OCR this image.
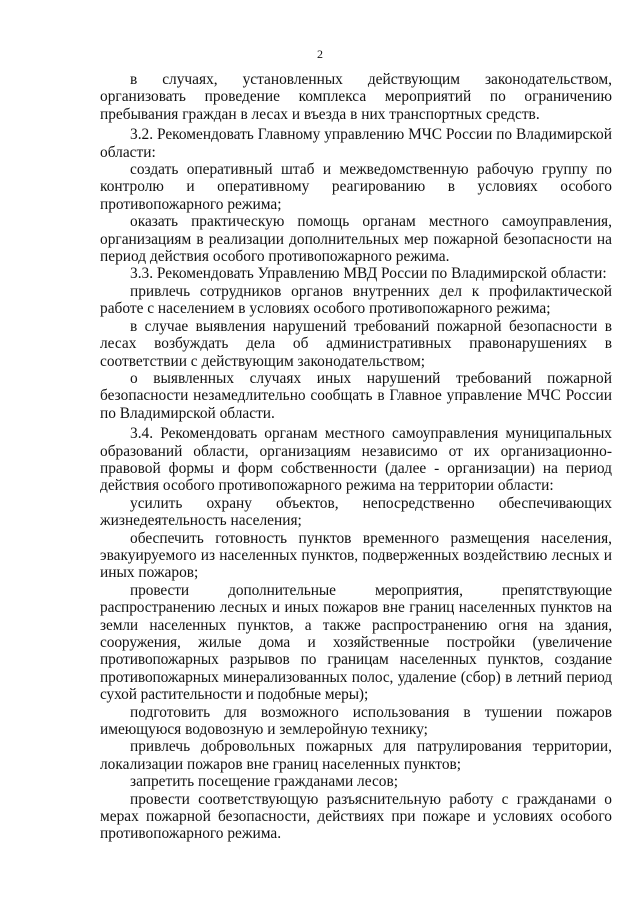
2

в случаях, установленных действующим законодательством, организовать проведение комплекса мероприятий по ограничению пребывания граждан в лесах и въезда в них транспортных средств.

3.2. Рекомендовать Главному управлению МЧС России по Владимирской области:

создать оперативный штаб и межведомственную рабочую группу по контролю и оперативному реагированию в условиях особого противопожарного режима;

оказать практическую помощь органам местного самоуправления, организациям в реализации дополнительных мер пожарной безопасности на период действия особого противопожарного режима.

3.3. Рекомендовать Управлению МВД России по Владимирской области:

привлечь сотрудников органов внутренних дел к профилактической работе с населением в условиях особого противопожарного режима;

в случае выявления нарушений требований пожарной безопасности в лесах возбуждать дела об административных правонарушениях в соответствии с действующим законодательством;

о выявленных случаях иных нарушений требований пожарной безопасности незамедлительно сообщать в Главное управление МЧС России по Владимирской области.

3.4. Рекомендовать органам местного самоуправления муниципальных образований области, организациям независимо от их организационно-правовой формы и форм собственности (далее - организации) на период действия особого противопожарного режима на территории области:

усилить охрану объектов, непосредственно обеспечивающих жизнедеятельность населения;

обеспечить готовность пунктов временного размещения населения, эвакуируемого из населенных пунктов, подверженных воздействию лесных и иных пожаров;

провести дополнительные мероприятия, препятствующие распространению лесных и иных пожаров вне границ населенных пунктов на земли населенных пунктов, а также распространению огня на здания, сооружения, жилые дома и хозяйственные постройки (увеличение противопожарных разрывов по границам населенных пунктов, создание противопожарных минерализованных полос, удаление (сбор) в летний период сухой растительности и подобные меры);

подготовить для возможного использования в тушении пожаров имеющуюся водовозную и землеройную технику;

привлечь добровольных пожарных для патрулирования территории, локализации пожаров вне границ населенных пунктов;

запретить посещение гражданами лесов;

провести соответствующую разъяснительную работу с гражданами о мерах пожарной безопасности, действиях при пожаре и условиях особого противопожарного режима.
